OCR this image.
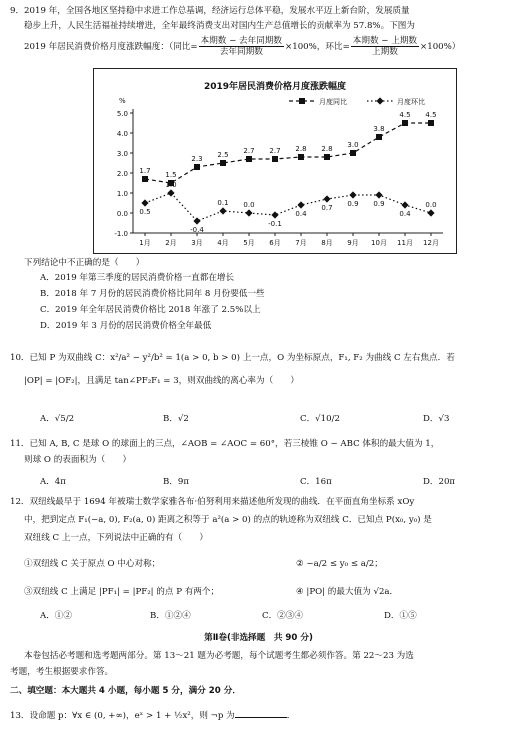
9．2019 年，全国各地区坚持稳中求进工作总基调，经济运行总体平稳，发展水平迈上新台阶，发展质量
稳步上升，人民生活福祉持续增进，全年最终消费支出对国内生产总值增长的贡献率为 57.8%。下图为
2019 年居民消费价格月度涨跌幅度：（同比= $\frac{\text{本期数 − 去年同期数}}{\text{去年同期数}} \times 100\%$，环比= $\frac{\text{本期数 − 上期数}}{\text{上期数}} \times 100\%$）
2019年居民消费价格月度涨跌幅度
月度同比	月度环比
5.0
4.0
3.0
2.0
1.0
0.0
-1.0
%
1月 2月 3月 4月 5月 6月 7月 8月 9月 10月 11月 12月
1.7 1.5
2.3 2.5 2.7 2.7 2.8 2.8 3.0
3.8
4.5 4.5
0.5
1.0
-0.4
0.1 0.0
-0.1
0.4
0.7 0.9 0.9
0.4
0.0
下列结论中不正确的是（　　）
A．2019 年第三季度的居民消费价格一直都在增长
B．2018 年 7 月份的居民消费价格比同年 8 月份要低一些
C．2019 年全年居民消费价格比 2018 年涨了 2.5%以上
D．2019 年 3 月份的居民消费价格全年最低
10．已知 P 为双曲线 C：x²/a² − y²/b² = 1(a > 0, b > 0) 上一点，O 为坐标原点，F₁, F₂ 为曲线 C 左右焦点．若
|OP| = |OF₂|，且满足 tan∠PF₂F₁ = 3，则双曲线的离心率为（　　）
A．√5/2	B．√2	C．√10/2	D．√3
11．已知 A, B, C 是球 O 的球面上的三点，∠AOB = ∠AOC = 60°，若三棱锥 O − ABC 体积的最大值为 1，
则球 O 的表面积为（　　）
A．4π	B．9π	C．16π	D．20π
12．双纽线最早于 1694 年被瑞士数学家雅各布·伯努利用来描述他所发现的曲线．在平面直角坐标系 xOy
中，把到定点 F₁(−a, 0), F₂(a, 0) 距离之积等于 a²(a > 0) 的点的轨迹称为双纽线 C．已知点 P(x₀, y₀) 是
双纽线 C 上一点，下列说法中正确的有（　　）
①双纽线 C 关于原点 O 中心对称；	② −a/2 ≤ y₀ ≤ a/2；
③双纽线 C 上满足 |PF₁| = |PF₂| 的点 P 有两个；	④ |PO| 的最大值为 √2a．
A．①②	B．①②④	C．②③④	D．①⑤
第Ⅱ卷(非选择题　共 90 分)
本卷包括必考题和选考题两部分。第 13～21 题为必考题，每个试题考生都必须作答。第 22～23 为选
考题，考生根据要求作答。
二、填空题：本大题共 4 小题，每小题 5 分，满分 20 分．
13．设命题 p：∀x ∈ (0, +∞)，eˣ > 1 + ½x²，则 ¬p 为	．
